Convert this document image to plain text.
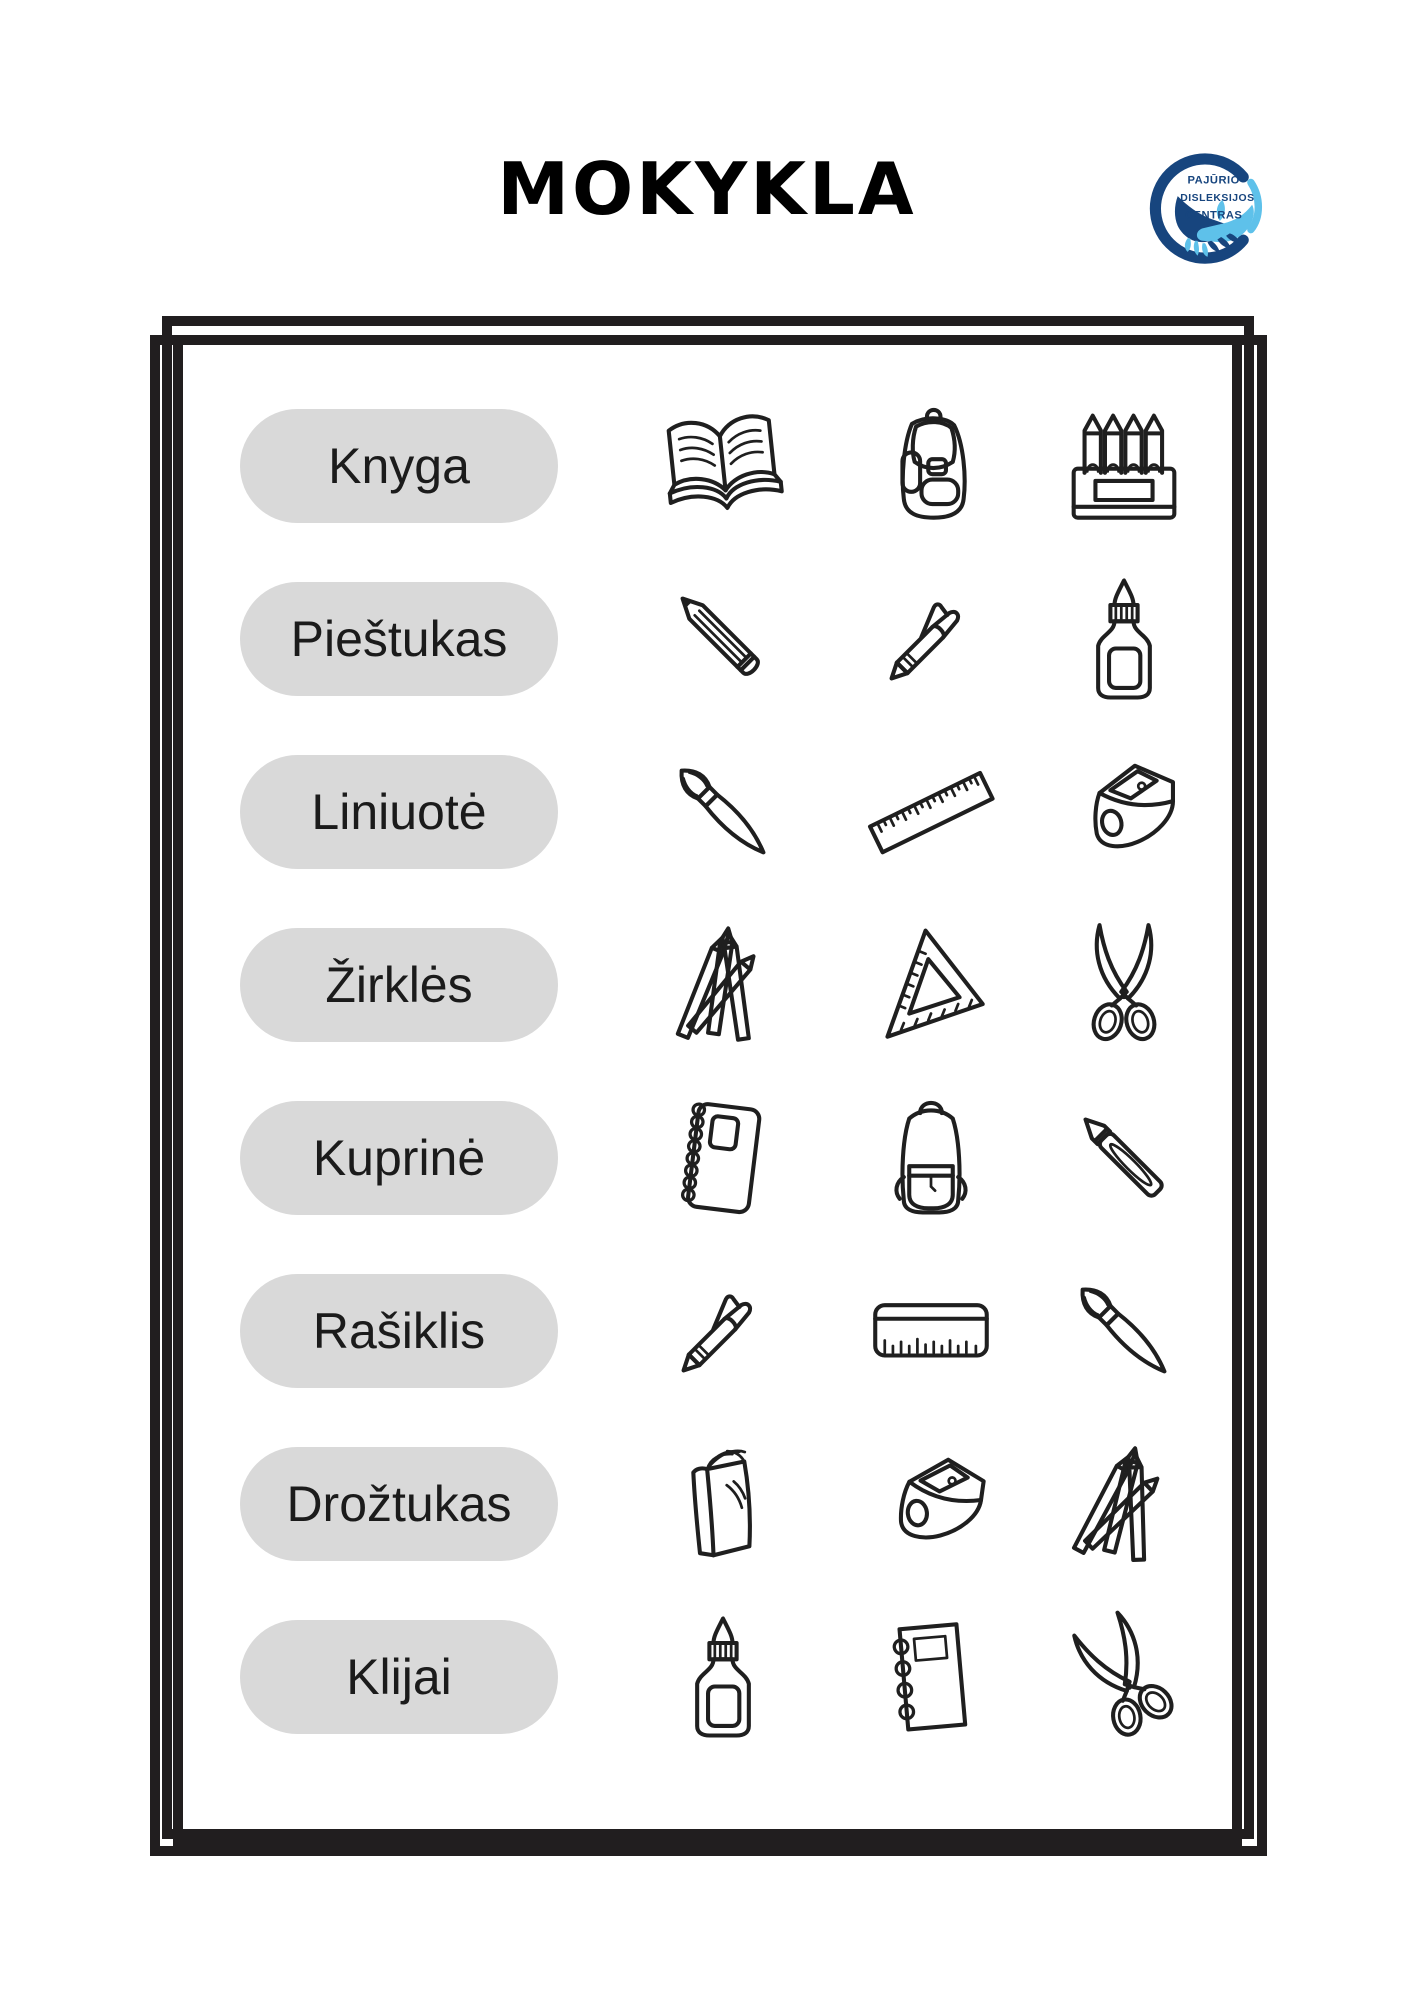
MOKYKLA	PAJŪRIO
DISLEKSIJOS
CENTRAS
Knyga
Pieštukas
Liniuotė
Žirklės
Kuprinė
Rašiklis
Drožtukas
Klijai
